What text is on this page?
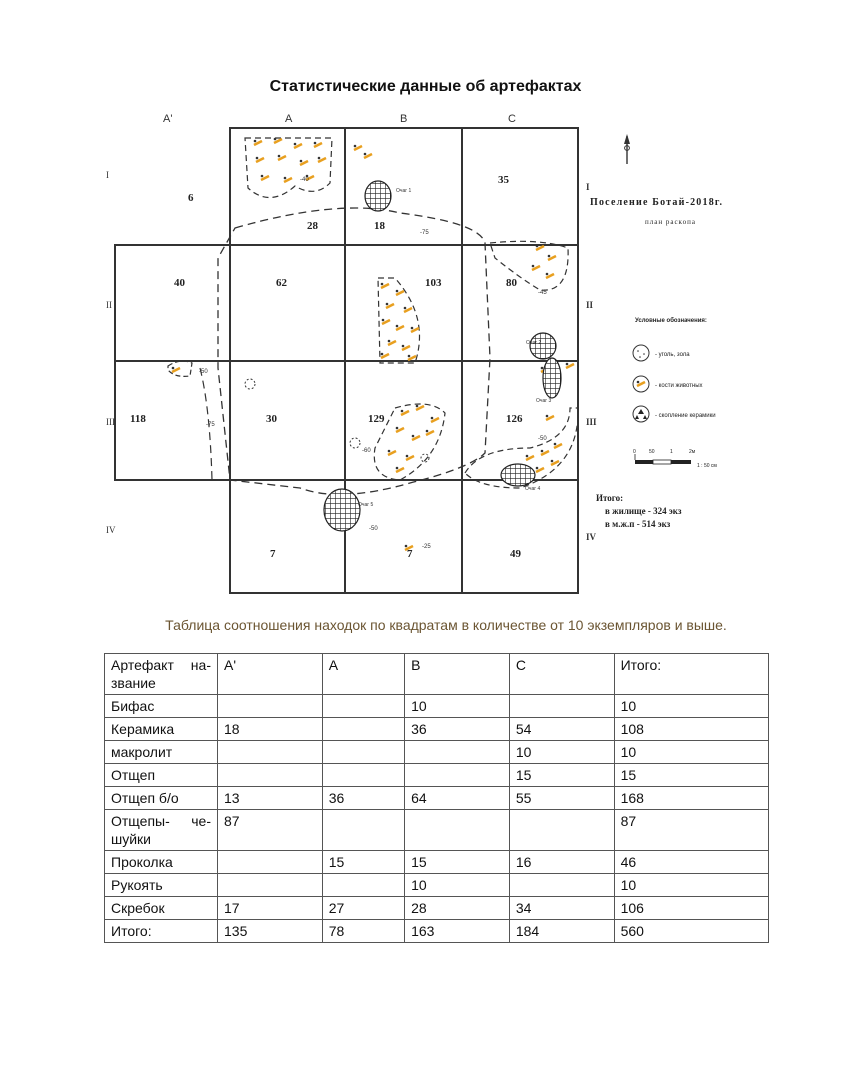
Статистические данные об артефактах
A'	A	B	C
I
II
III
IV
I
II
III
IV
6
28	18
35
40	62	103	80
118	30	129	126
7	7	49
-75
-75
-50
-45
-40
-50
-60
-50
-25
Очаг 1
Очаг 2
Очаг 3
Очаг 4
Очаг 5
Поселение Ботай-2018г.
план раскопа
Условные обозначения:
- уголь, зола
- кости животных
- скопление керамики
0	50	1	2м
1 : 50 см
Итого:
в жилище - 324 экз
в м.ж.п - 514 экз
Таблица соотношения находок по квадратам в количестве от 10 экземпляров и выше.
Артефакт на- звание	A'	A	B	C	Итого:
Бифас			10		10
Керамика	18		36	54	108
макролит				10	10
Отщеп				15	15
Отщеп б/о	13	36	64	55	168
Отщепы- че- шуйки	87				87
Проколка		15	15	16	46
Рукоять			10		10
Скребок	17	27	28	34	106
Итого:	135	78	163	184	560
